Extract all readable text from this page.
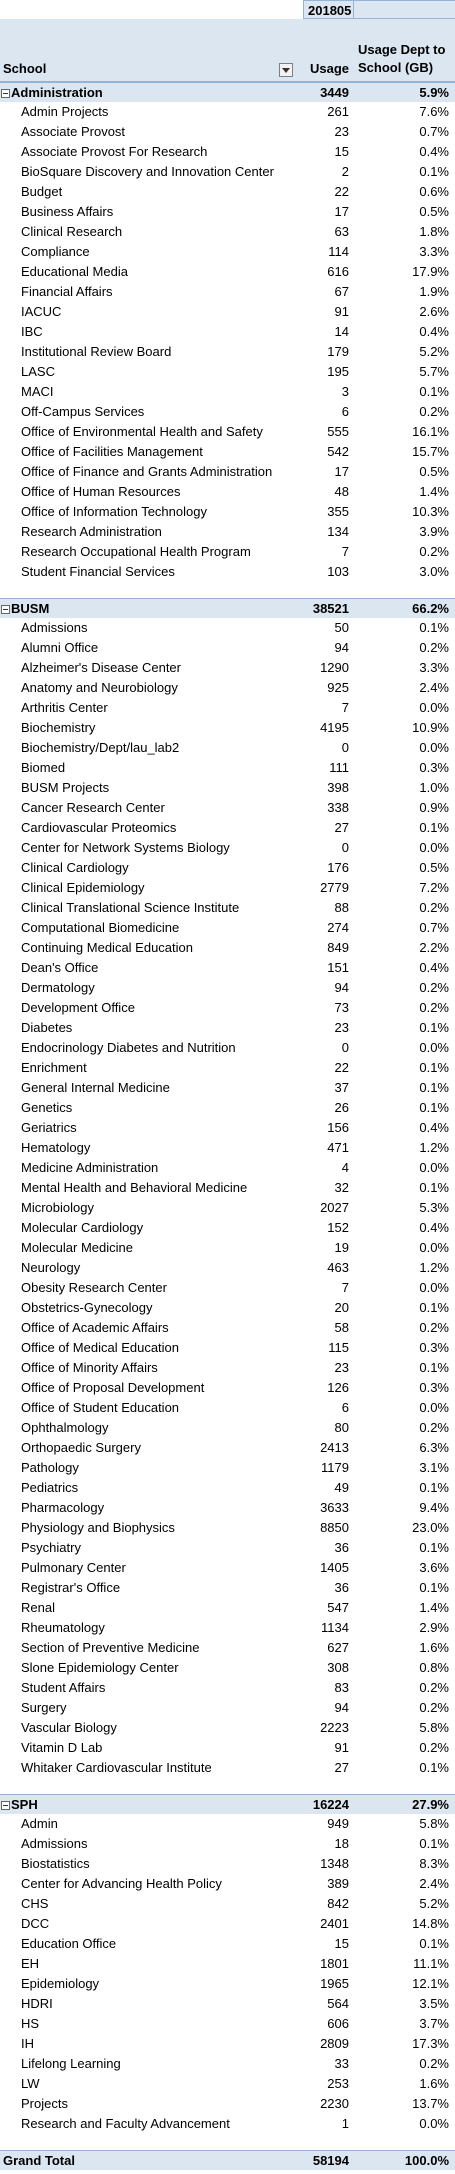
201805
School	Usage
Usage Dept to School (GB)
Administration	3449	5.9%
Admin Projects	261	7.6%
Associate Provost	23	0.7%
Associate Provost For Research	15	0.4%
BioSquare Discovery and Innovation Center	2	0.1%
Budget	22	0.6%
Business Affairs	17	0.5%
Clinical Research	63	1.8%
Compliance	114	3.3%
Educational Media	616	17.9%
Financial Affairs	67	1.9%
IACUC	91	2.6%
IBC	14	0.4%
Institutional Review Board	179	5.2%
LASC	195	5.7%
MACI	3	0.1%
Off-Campus Services	6	0.2%
Office of Environmental Health and Safety	555	16.1%
Office of Facilities Management	542	15.7%
Office of Finance and Grants Administration	17	0.5%
Office of Human Resources	48	1.4%
Office of Information Technology	355	10.3%
Research Administration	134	3.9%
Research Occupational Health Program	7	0.2%
Student Financial Services	103	3.0%
BUSM	38521	66.2%
Admissions	50	0.1%
Alumni Office	94	0.2%
Alzheimer's Disease Center	1290	3.3%
Anatomy and Neurobiology	925	2.4%
Arthritis Center	7	0.0%
Biochemistry	4195	10.9%
Biochemistry/Dept/lau_lab2	0	0.0%
Biomed	111	0.3%
BUSM Projects	398	1.0%
Cancer Research Center	338	0.9%
Cardiovascular Proteomics	27	0.1%
Center for Network Systems Biology	0	0.0%
Clinical Cardiology	176	0.5%
Clinical Epidemiology	2779	7.2%
Clinical Translational Science Institute	88	0.2%
Computational Biomedicine	274	0.7%
Continuing Medical Education	849	2.2%
Dean's Office	151	0.4%
Dermatology	94	0.2%
Development Office	73	0.2%
Diabetes	23	0.1%
Endocrinology Diabetes and Nutrition	0	0.0%
Enrichment	22	0.1%
General Internal Medicine	37	0.1%
Genetics	26	0.1%
Geriatrics	156	0.4%
Hematology	471	1.2%
Medicine Administration	4	0.0%
Mental Health and Behavioral Medicine	32	0.1%
Microbiology	2027	5.3%
Molecular Cardiology	152	0.4%
Molecular Medicine	19	0.0%
Neurology	463	1.2%
Obesity Research Center	7	0.0%
Obstetrics-Gynecology	20	0.1%
Office of Academic Affairs	58	0.2%
Office of Medical Education	115	0.3%
Office of Minority Affairs	23	0.1%
Office of Proposal Development	126	0.3%
Office of Student Education	6	0.0%
Ophthalmology	80	0.2%
Orthopaedic Surgery	2413	6.3%
Pathology	1179	3.1%
Pediatrics	49	0.1%
Pharmacology	3633	9.4%
Physiology and Biophysics	8850	23.0%
Psychiatry	36	0.1%
Pulmonary Center	1405	3.6%
Registrar's Office	36	0.1%
Renal	547	1.4%
Rheumatology	1134	2.9%
Section of Preventive Medicine	627	1.6%
Slone Epidemiology Center	308	0.8%
Student Affairs	83	0.2%
Surgery	94	0.2%
Vascular Biology	2223	5.8%
Vitamin D Lab	91	0.2%
Whitaker Cardiovascular Institute	27	0.1%
SPH	16224	27.9%
Admin	949	5.8%
Admissions	18	0.1%
Biostatistics	1348	8.3%
Center for Advancing Health Policy	389	2.4%
CHS	842	5.2%
DCC	2401	14.8%
Education Office	15	0.1%
EH	1801	11.1%
Epidemiology	1965	12.1%
HDRI	564	3.5%
HS	606	3.7%
IH	2809	17.3%
Lifelong Learning	33	0.2%
LW	253	1.6%
Projects	2230	13.7%
Research and Faculty Advancement	1	0.0%
Grand Total	58194	100.0%
